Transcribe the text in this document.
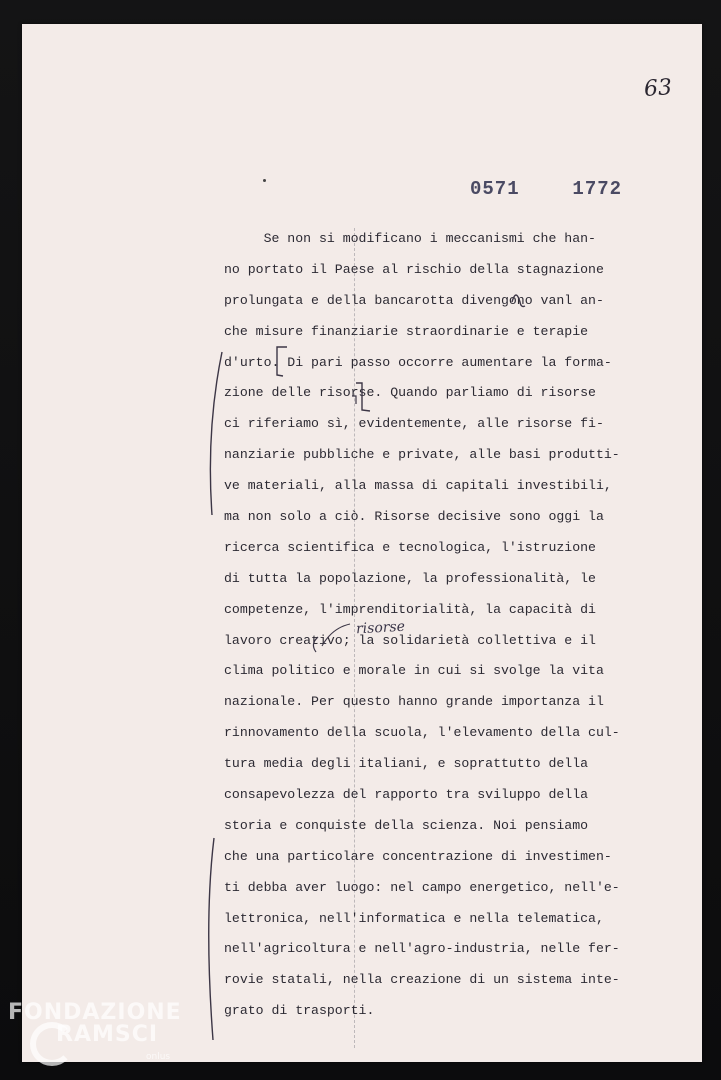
63
0571	1772
Se non si modificano i meccanismi che han-
no portato il Paese al rischio della stagnazione
prolungata e della bancarotta divengono vanl an-
che misure finanziarie straordinarie e terapie
d'urto. Di pari passo occorre aumentare la forma-
zione delle risorse. Quando parliamo di risorse
ci riferiamo sì, evidentemente, alle risorse fi-
nanziarie pubbliche e private, alle basi produtti-
ve materiali, alla massa di capitali investibili,
ma non solo a ciò. Risorse decisive sono oggi la
ricerca scientifica e tecnologica, l'istruzione
di tutta la popolazione, la professionalità, le
competenze, l'imprenditorialità, la capacità di
lavoro creativo; la solidarietà collettiva e il
clima politico e morale in cui si svolge la vita
nazionale. Per questo hanno grande importanza il
rinnovamento della scuola, l'elevamento della cul-
tura media degli italiani, e soprattutto della
consapevolezza del rapporto tra sviluppo della
storia e conquiste della scienza. Noi pensiamo
che una particolare concentrazione di investimen-
ti debba aver luogo: nel campo energetico, nell'e-
lettronica, nell'informatica e nella telematica,
nell'agricoltura e nell'agro-industria, nelle fer-
rovie statali, nella creazione di un sistema inte-
grato di trasporti.
risorse
FONDAZIONE
RAMSCI
onlus
